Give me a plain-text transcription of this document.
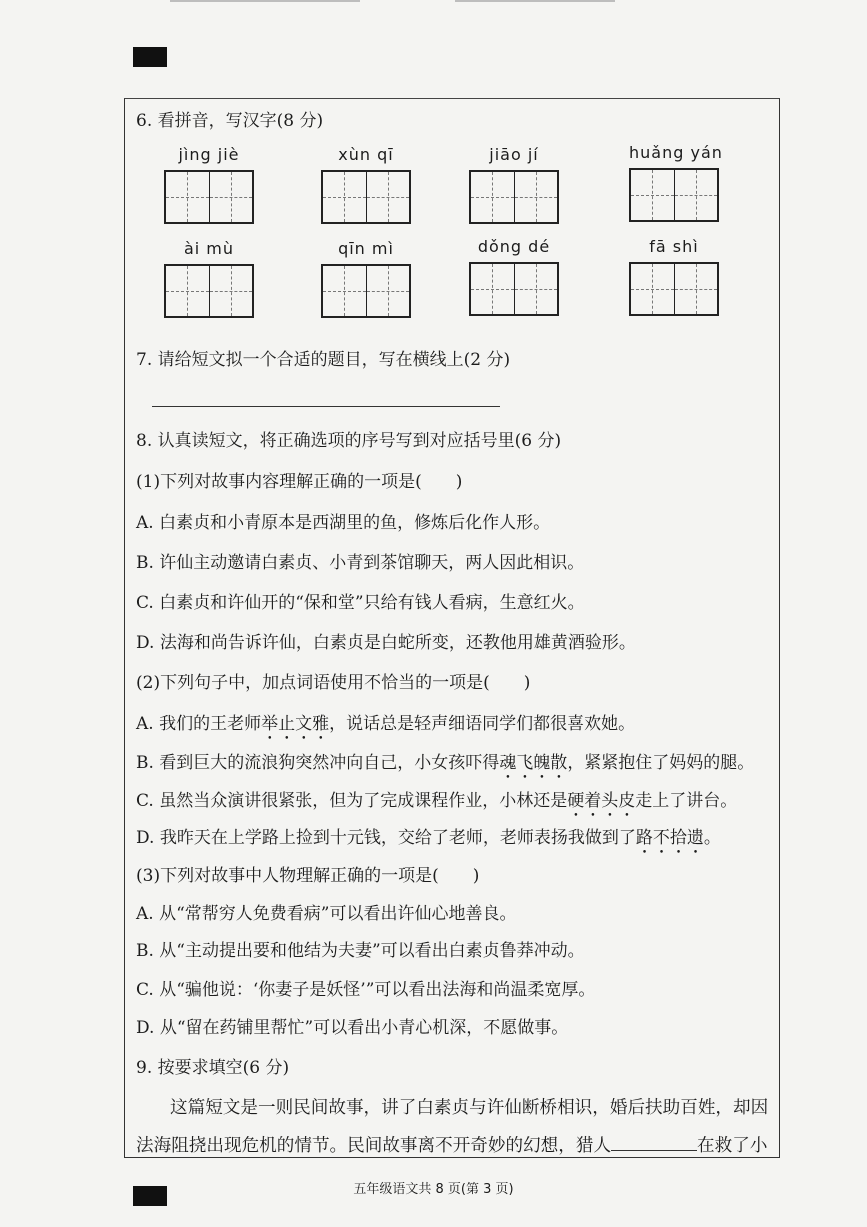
6. 看拼音，写汉字(8 分)
jìng jiè	xùn qī	jiāo jí	huǎng yán
ài mù	qīn mì	dǒng dé	fā shì
7. 请给短文拟一个合适的题目，写在横线上(2 分)
8. 认真读短文，将正确选项的序号写到对应括号里(6 分)
(1)下列对故事内容理解正确的一项是(　　)
A. 白素贞和小青原本是西湖里的鱼，修炼后化作人形。
B. 许仙主动邀请白素贞、小青到茶馆聊天，两人因此相识。
C. 白素贞和许仙开的“保和堂”只给有钱人看病，生意红火。
D. 法海和尚告诉许仙，白素贞是白蛇所变，还教他用雄黄酒验形。
(2)下列句子中，加点词语使用不恰当的一项是(　　)
A. 我们的王老师举止文雅，说话总是轻声细语同学们都很喜欢她。
B. 看到巨大的流浪狗突然冲向自己，小女孩吓得魂飞魄散，紧紧抱住了妈妈的腿。
C. 虽然当众演讲很紧张，但为了完成课程作业，小林还是硬着头皮走上了讲台。
D. 我昨天在上学路上捡到十元钱，交给了老师，老师表扬我做到了路不拾遗。
(3)下列对故事中人物理解正确的一项是(　　)
A. 从“常帮穷人免费看病”可以看出许仙心地善良。
B. 从“主动提出要和他结为夫妻”可以看出白素贞鲁莽冲动。
C. 从“骗他说：‘你妻子是妖怪’”可以看出法海和尚温柔宽厚。
D. 从“留在药铺里帮忙”可以看出小青心机深，不愿做事。
9. 按要求填空(6 分)
这篇短文是一则民间故事，讲了白素贞与许仙断桥相识，婚后扶助百姓，却因
法海阻挠出现危机的情节。民间故事离不开奇妙的幻想，猎人	在救了小
五年级语文共 8 页(第 3 页)
